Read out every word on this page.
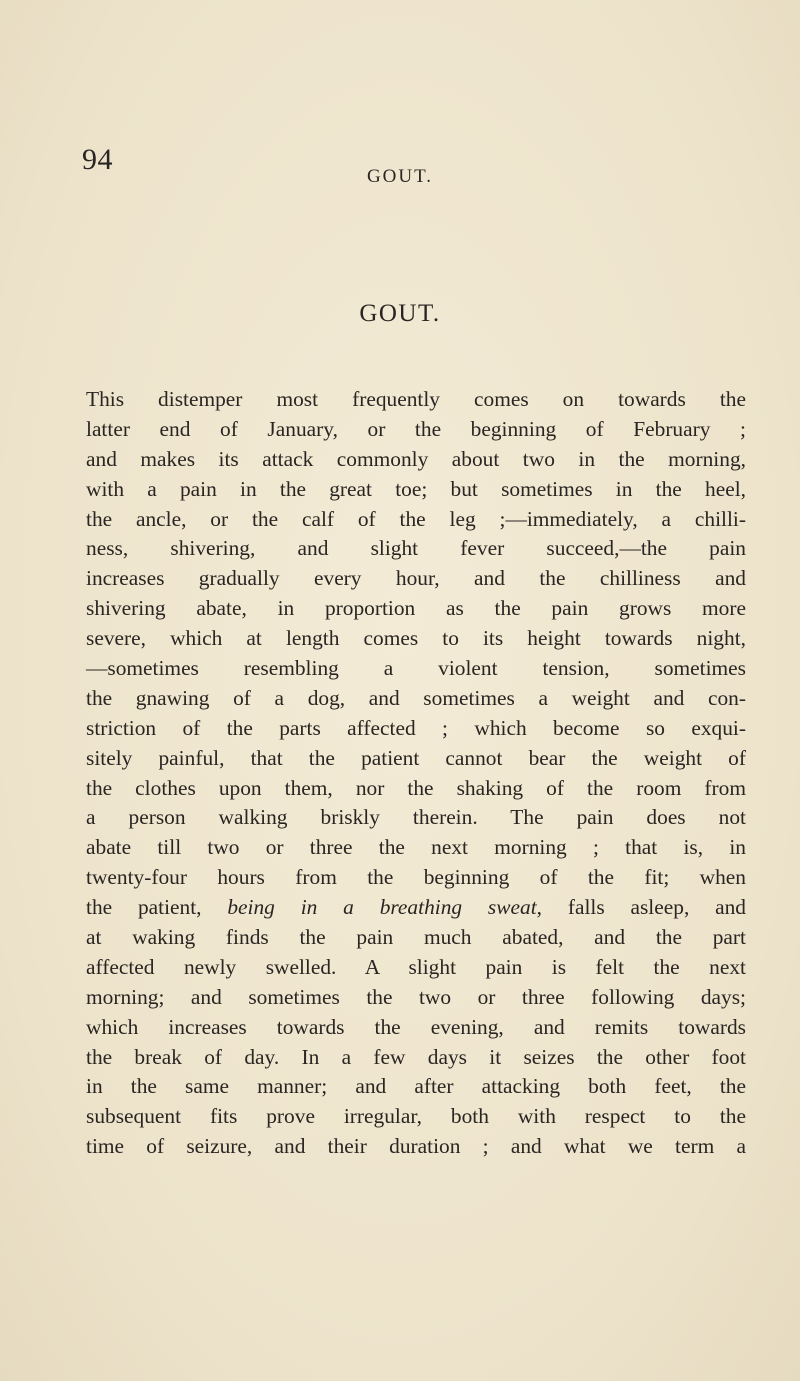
94
GOUT.
GOUT.
This distemper most frequently comes on towards the
latter end of January, or the beginning of February ;
and makes its attack commonly about two in the morning,
with a pain in the great toe; but sometimes in the heel,
the ancle, or the calf of the leg ;—immediately, a chilli-
ness, shivering, and slight fever succeed,—the pain
increases gradually every hour, and the chilliness and
shivering abate, in proportion as the pain grows more
severe, which at length comes to its height towards night,
—sometimes resembling a violent tension, sometimes
the gnawing of a dog, and sometimes a weight and con-
striction of the parts affected ; which become so exqui-
sitely painful, that the patient cannot bear the weight of
the clothes upon them, nor the shaking of the room from
a person walking briskly therein. The pain does not
abate till two or three the next morning ; that is, in
twenty-four hours from the beginning of the fit; when
the patient, being in a breathing sweat, falls asleep, and
at waking finds the pain much abated, and the part
affected newly swelled. A slight pain is felt the next
morning; and sometimes the two or three following days;
which increases towards the evening, and remits towards
the break of day. In a few days it seizes the other foot
in the same manner; and after attacking both feet, the
subsequent fits prove irregular, both with respect to the
time of seizure, and their duration ; and what we term a
